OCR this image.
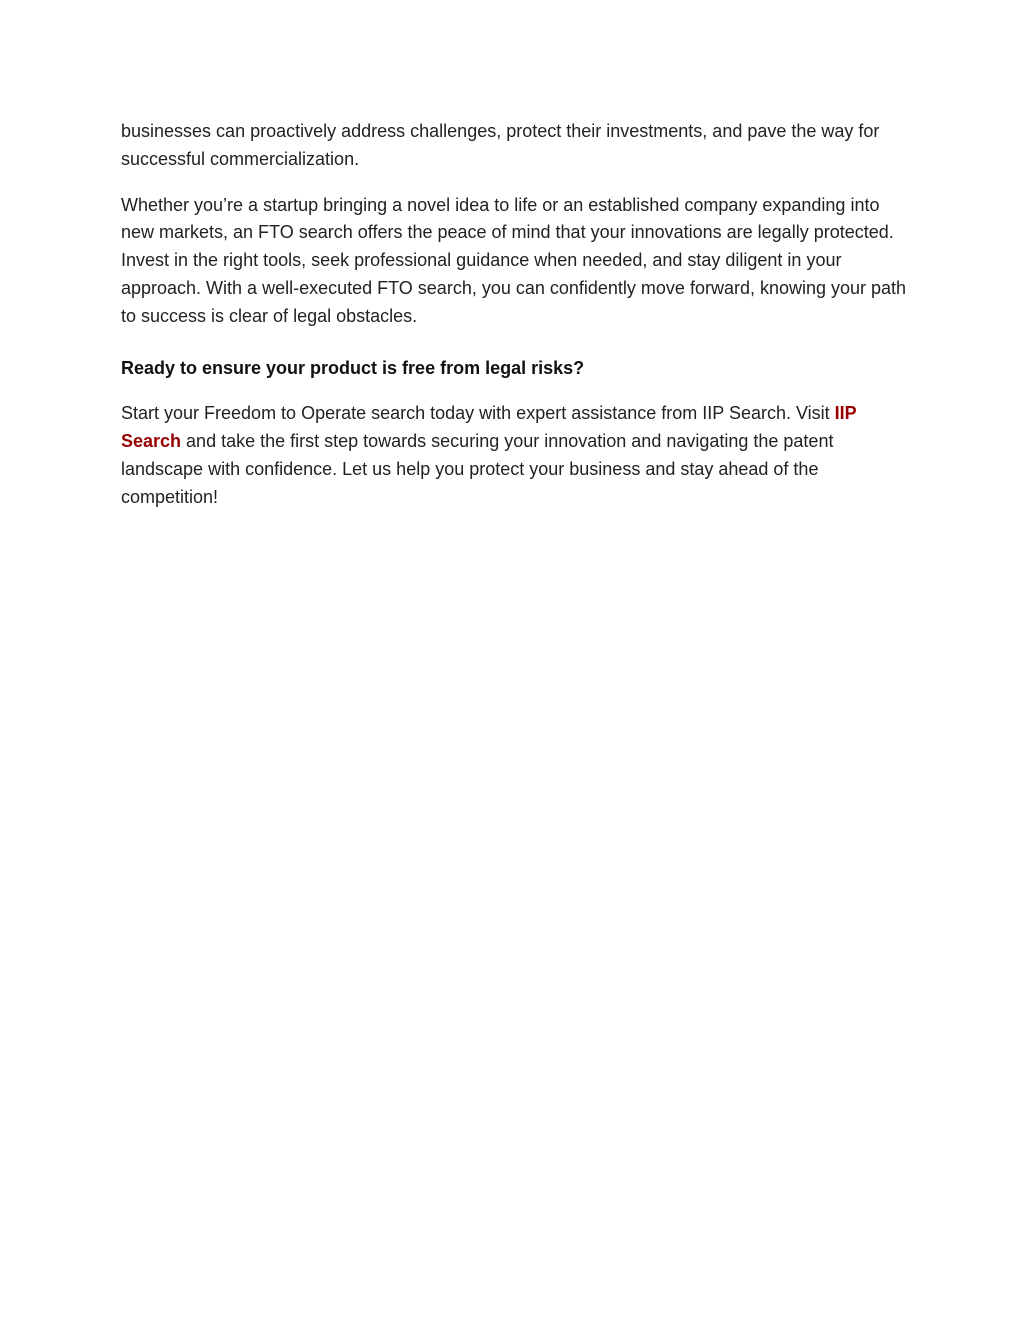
businesses can proactively address challenges, protect their investments, and pave the way for successful commercialization.

Whether you’re a startup bringing a novel idea to life or an established company expanding into new markets, an FTO search offers the peace of mind that your innovations are legally protected. Invest in the right tools, seek professional guidance when needed, and stay diligent in your approach. With a well-executed FTO search, you can confidently move forward, knowing your path to success is clear of legal obstacles.

Ready to ensure your product is free from legal risks?

Start your Freedom to Operate search today with expert assistance from IIP Search. Visit IIP Search and take the first step towards securing your innovation and navigating the patent landscape with confidence. Let us help you protect your business and stay ahead of the competition!
